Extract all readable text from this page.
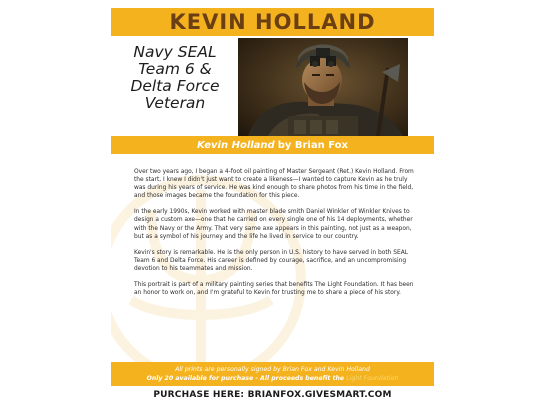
KEVIN HOLLAND
Navy SEAL
Team 6 &
Delta Force
Veteran
Kevin Holland by Brian Fox

Over two years ago, I began a 4-foot oil painting of Master Sergeant (Ret.) Kevin Holland. From the start, I knew I didn't just want to create a likeness—I wanted to capture Kevin as he truly was during his years of service. He was kind enough to share photos from his time in the field, and those images became the foundation for this piece.

In the early 1990s, Kevin worked with master blade smith Daniel Winkler of Winkler Knives to design a custom axe—one that he carried on every single one of his 14 deployments, whether with the Navy or the Army. That very same axe appears in this painting, not just as a weapon, but as a symbol of his journey and the life he lived in service to our country.

Kevin's story is remarkable. He is the only person in U.S. history to have served in both SEAL Team 6 and Delta Force. His career is defined by courage, sacrifice, and an uncompromising devotion to his teammates and mission.

This portrait is part of a military painting series that benefits The Light Foundation. It has been an honor to work on, and I'm grateful to Kevin for trusting me to share a piece of his story.

All prints are personally signed by Brian Fox and Kevin Holland
Only 20 available for purchase - All proceeds benefit the Light Foundation
PURCHASE HERE: BRIANFOX.GIVESMART.COM
